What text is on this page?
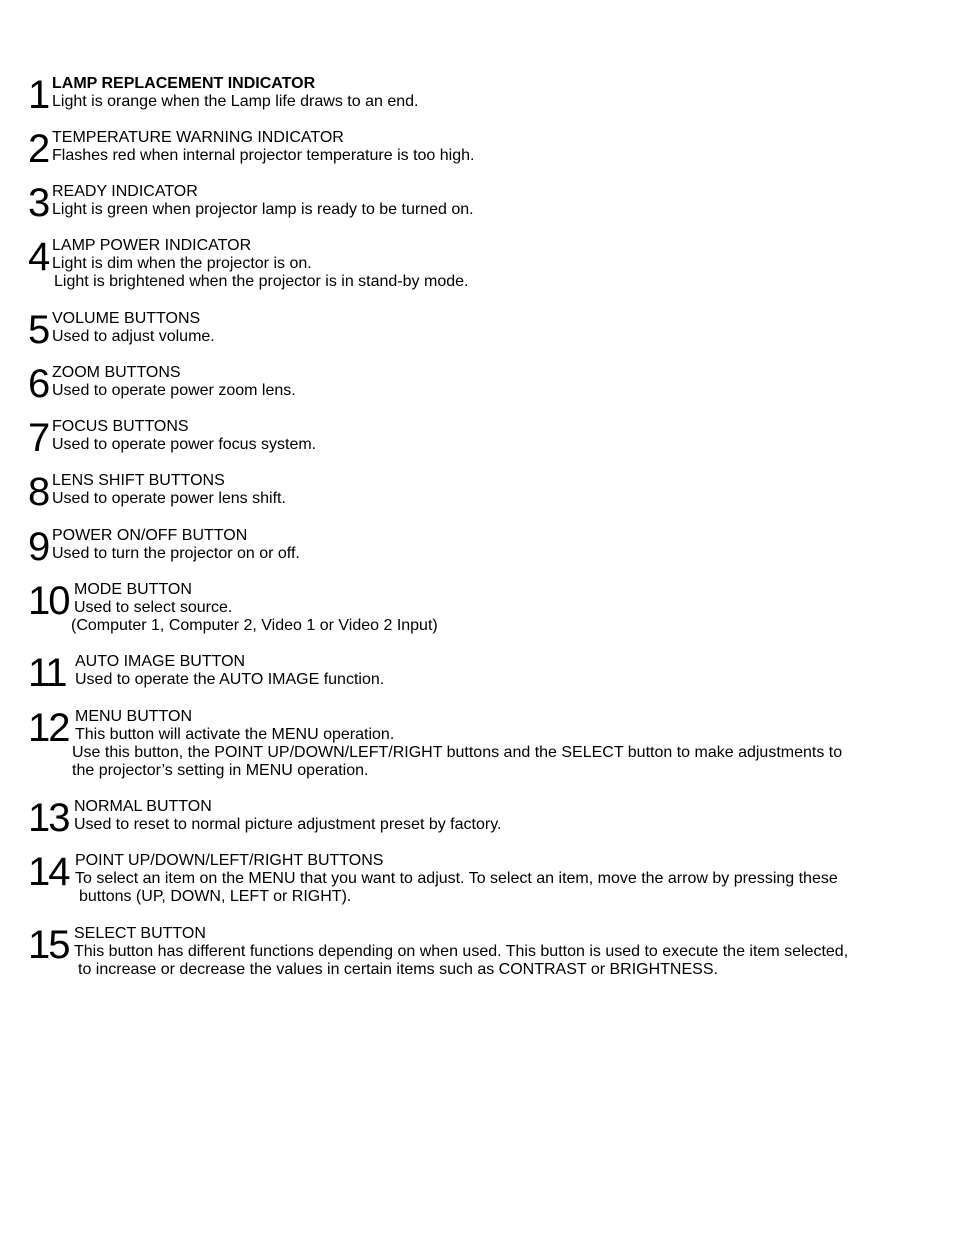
1 LAMP REPLACEMENT INDICATOR
Light is orange when the Lamp life draws to an end.
2 TEMPERATURE WARNING INDICATOR
Flashes red when internal projector temperature is too high.
3 READY INDICATOR
Light is green when projector lamp is ready to be turned on.
4 LAMP POWER INDICATOR
Light is dim when the projector is on.
Light is brightened when the projector is in stand-by mode.
5 VOLUME BUTTONS
Used to adjust volume.
6 ZOOM BUTTONS
Used to operate power zoom lens.
7 FOCUS BUTTONS
Used to operate power focus system.
8 LENS SHIFT BUTTONS
Used to operate power lens shift.
9 POWER ON/OFF BUTTON
Used to turn the projector on or off.
10 MODE BUTTON
Used to select source.
(Computer 1, Computer 2, Video 1 or Video 2 Input)
11 AUTO IMAGE BUTTON
Used to operate the AUTO IMAGE function.
12 MENU BUTTON
This button will activate the MENU operation.
Use this button, the POINT UP/DOWN/LEFT/RIGHT buttons and the SELECT button to make adjustments to
the projector’s setting in MENU operation.
13 NORMAL BUTTON
Used to reset to normal picture adjustment preset by factory.
14 POINT UP/DOWN/LEFT/RIGHT BUTTONS
To select an item on the MENU that you want to adjust. To select an item, move the arrow by pressing these
buttons (UP, DOWN, LEFT or RIGHT).
15 SELECT BUTTON
This button has different functions depending on when used. This button is used to execute the item selected,
to increase or decrease the values in certain items such as CONTRAST or BRIGHTNESS.
